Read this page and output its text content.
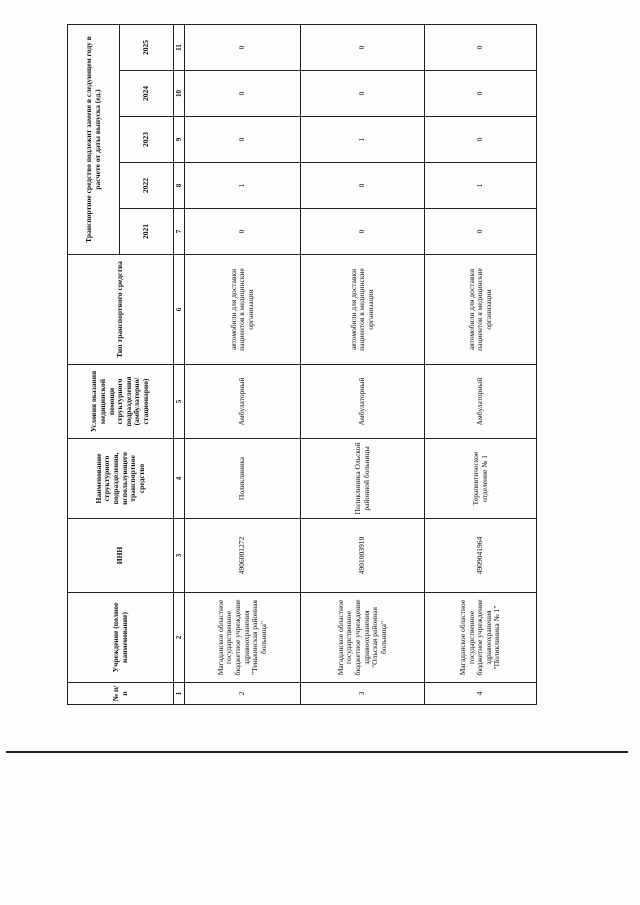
№ п/п	Учреждение (полное наименование)	ИНН	Наименование структурного подразделения, использующего транспортное средство	Условия оказания медицинской помощи структурного подразделения (амбулаторно/ стационарно)	Тип транспортного средства	Транспортное средство подлежит замене в следующем году в расчете от даты выпуска (ед.)				
						2021	2022	2023	2024	2025
1	2	3	4	5	6	7	8	9	10	11
2	Магаданское областное государственное бюджетное учреждение здравоохранения "Тенькинская районная больница"	4906001272	Поликлиника	Амбулаторный	автомобили для доставки пациентов в медицинские организации	0	1	0	0	0
3	Магаданское областное государственное бюджетное учреждение здравоохранения "Ольская районная больница"	4901003910	Поликлиника Ольской районной больницы	Амбулаторный	автомобили для доставки пациентов в медицинские организации	0	0	1	0	0
4	Магаданское областное государственное бюджетное учреждение здравоохранения "Поликлиника № 1"	4909041964	Терапевтическое отделение № 1	Амбулаторный	автомобили для доставки пациентов в медицинские организации	0	1	0	0	0
